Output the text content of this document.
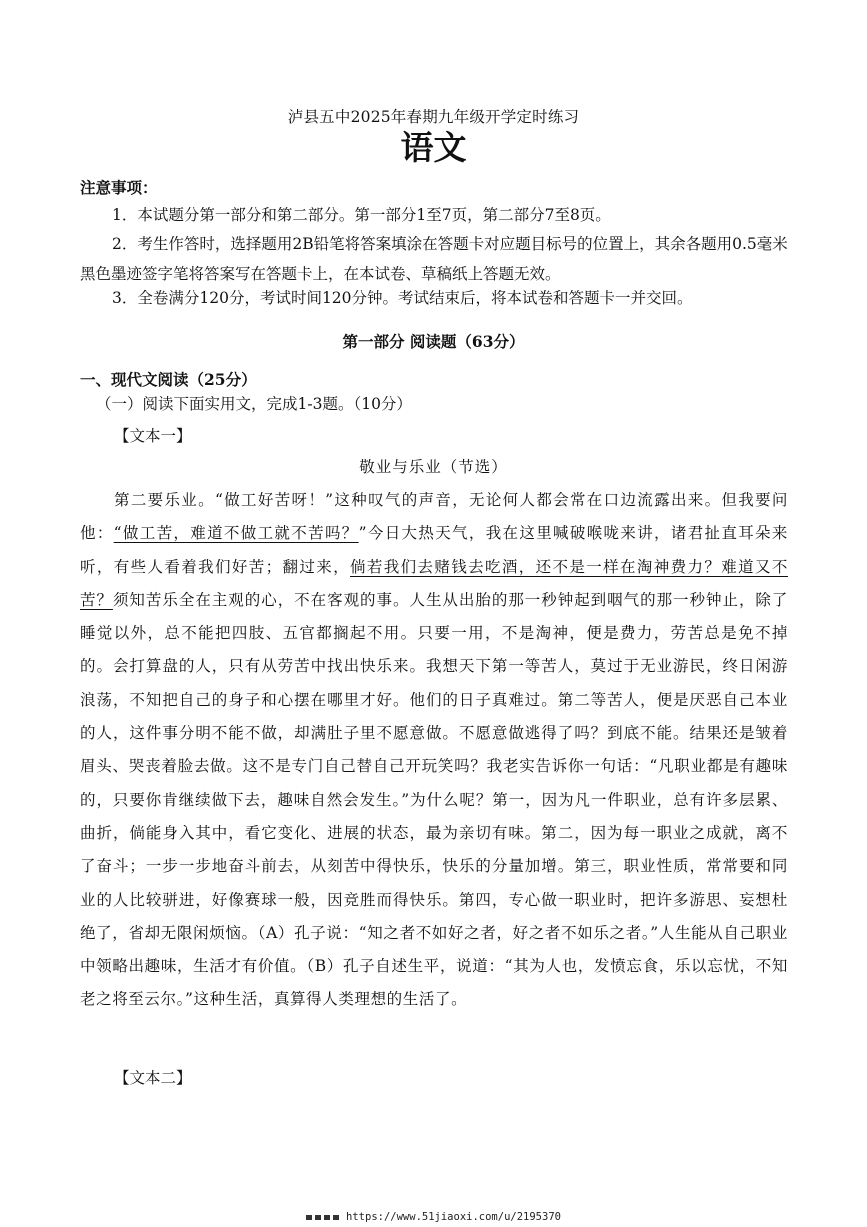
泸县五中2025年春期九年级开学定时练习
语文
注意事项：
1．本试题分第一部分和第二部分。第一部分1至7页，第二部分7至8页。
2．考生作答时，选择题用2B铅笔将答案填涂在答题卡对应题目标号的位置上，其余各题用0.5毫米黑色墨迹签字笔将答案写在答题卡上，在本试卷、草稿纸上答题无效。
3．全卷满分120分，考试时间120分钟。考试结束后，将本试卷和答题卡一并交回。
第一部分 阅读题（63分）
一、现代文阅读（25分）
（一）阅读下面实用文，完成1-3题。（10分）
【文本一】
敬业与乐业（节选）
第二要乐业。“做工好苦呀！”这种叹气的声音，无论何人都会常在口边流露出来。但我要问他：“做工苦，难道不做工就不苦吗？”今日大热天气，我在这里喊破喉咙来讲，诸君扯直耳朵来听，有些人看着我们好苦；翻过来，倘若我们去赌钱去吃酒，还不是一样在淘神费力？难道又不苦？须知苦乐全在主观的心，不在客观的事。人生从出胎的那一秒钟起到咽气的那一秒钟止，除了睡觉以外，总不能把四肢、五官都搁起不用。只要一用，不是淘神，便是费力，劳苦总是免不掉的。会打算盘的人，只有从劳苦中找出快乐来。我想天下第一等苦人，莫过于无业游民，终日闲游浪荡，不知把自己的身子和心摆在哪里才好。他们的日子真难过。第二等苦人，便是厌恶自己本业的人，这件事分明不能不做，却满肚子里不愿意做。不愿意做逃得了吗？到底不能。结果还是皱着眉头、哭丧着脸去做。这不是专门自己替自己开玩笑吗？我老实告诉你一句话：“凡职业都是有趣味的，只要你肯继续做下去，趣味自然会发生。”为什么呢？第一，因为凡一件职业，总有许多层累、曲折，倘能身入其中，看它变化、进展的状态，最为亲切有味。第二，因为每一职业之成就，离不了奋斗；一步一步地奋斗前去，从刻苦中得快乐，快乐的分量加增。第三，职业性质，常常要和同业的人比较骈进，好像赛球一般，因竞胜而得快乐。第四，专心做一职业时，把许多游思、妄想杜绝了，省却无限闲烦恼。（A）孔子说：“知之者不如好之者，好之者不如乐之者。”人生能从自己职业中领略出趣味，生活才有价值。（B）孔子自述生平，说道：“其为人也，发愤忘食，乐以忘忧，不知老之将至云尔。”这种生活，真算得人类理想的生活了。
【文本二】
https://www.51jiaoxi.com/u/2195370
